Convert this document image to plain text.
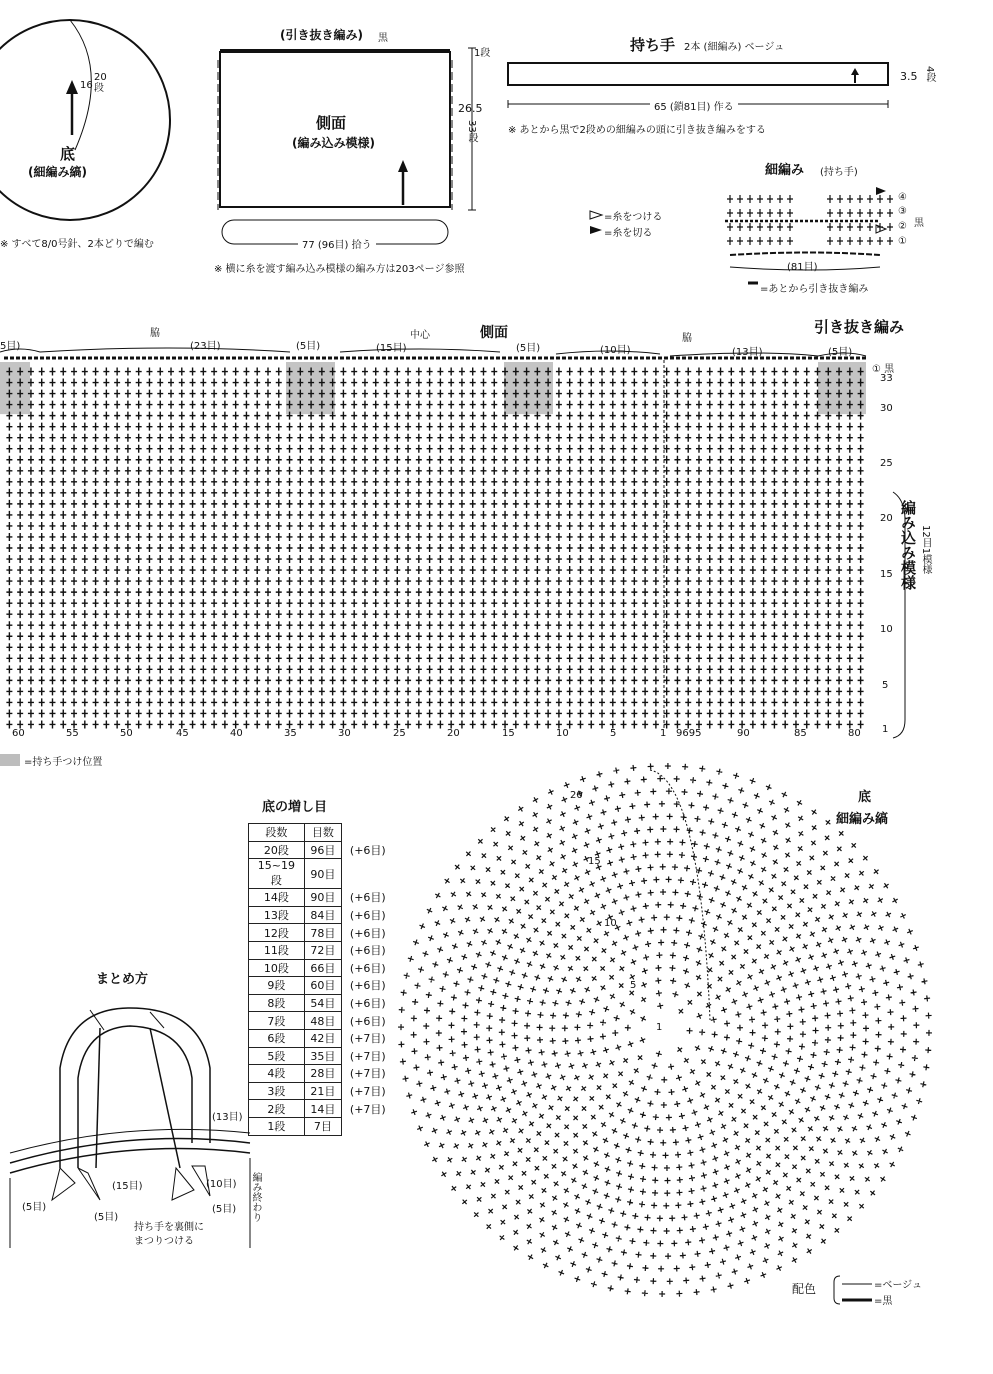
16
20段
底
(細編み縞)
※ すべて8/0号針、2本どりで編む
(引き抜き編み) 黒
側面
(編み込み模様)
1段
26.5
33段
77 (96目) 拾う
※ 横に糸を渡す編み込み模様の編み方は203ページ参照
持ち手 2本 (細編み) ベージュ
3.5 4段
65 (鎖81目) 作る
※ あとから黒で2段めの細編みの頭に引き抜き編みをする
細編み (持ち手)
④
③
黒
②
①
(81目)
=あとから引き抜き編み
=糸をつける
=糸を切る
側面	引き抜き編み
脇
(23目)	(5目)	(15目)
中心
(5目)	(10目)
脇
(13目)	(5目)
5目)
① 黒
33
30
25
20
15
10
5
1
編み込み模様 12目1模様
60	55	50	45	40	35	30	25	20	15	10	5	1 9695	90	85	80
=持ち手つけ位置
底の増し目
段数	目数	
20段	96目	(+6目)
15~19段	90目	
14段	90目	(+6目)
13段	84目	(+6目)
12段	78目	(+6目)
11段	72目	(+6目)
10段	66目	(+6目)
9段	60目	(+6目)
8段	54目	(+6目)
7段	48目	(+6目)
6段	42目	(+7目)
5段	35目	(+7目)
4段	28目	(+7目)
3段	21目	(+7目)
2段	14目	(+7目)
1段	7目	
まとめ方
(13目)
(15目)	(10目)
(5目)	(5目)
(5目)	編み終わり
持ち手を裏側に
まつりつける
底
細編み縞
20
15
10
5
1
配色	=ベージュ
=黒
